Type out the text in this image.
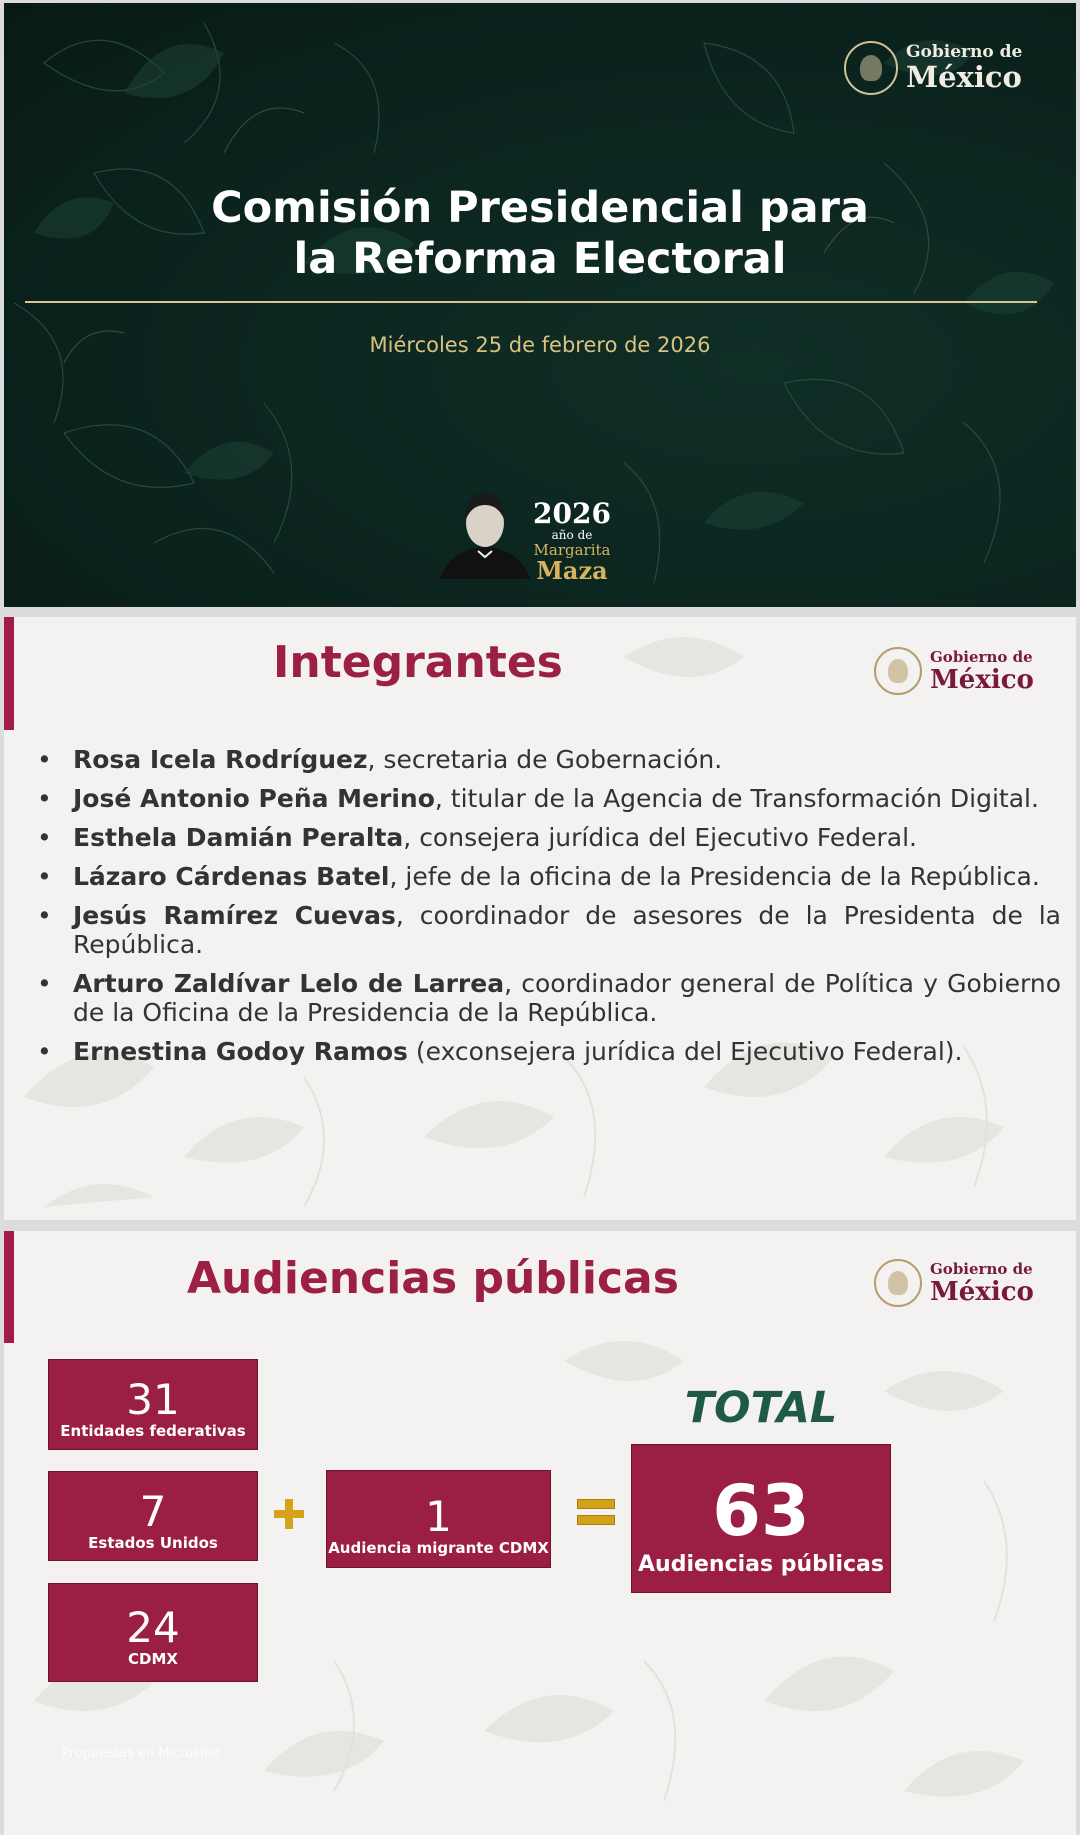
Gobierno de
México
Comisión Presidencial para
la Reforma Electoral
Miércoles 25 de febrero de 2026
2026
año de
Margarita
Maza
Integrantes	Gobierno de
México
• Rosa Icela Rodríguez, secretaria de Gobernación.
• José Antonio Peña Merino, titular de la Agencia de Transformación Digital.
• Esthela Damián Peralta, consejera jurídica del Ejecutivo Federal.
• Lázaro Cárdenas Batel, jefe de la oficina de la Presidencia de la República.
• Jesús Ramírez Cuevas, coordinador de asesores de la Presidenta de la República.
• Arturo Zaldívar Lelo de Larrea, coordinador general de Política y Gobierno de la Oficina de la Presidencia de la República.
• Ernestina Godoy Ramos (exconsejera jurídica del Ejecutivo Federal).
Audiencias públicas	Gobierno de
México
31
Entidades federativas
7
Estados Unidos
24
CDMX
1
Audiencia migrante CDMX
TOTAL
63
Audiencias públicas
Propuestas en Micrositio
